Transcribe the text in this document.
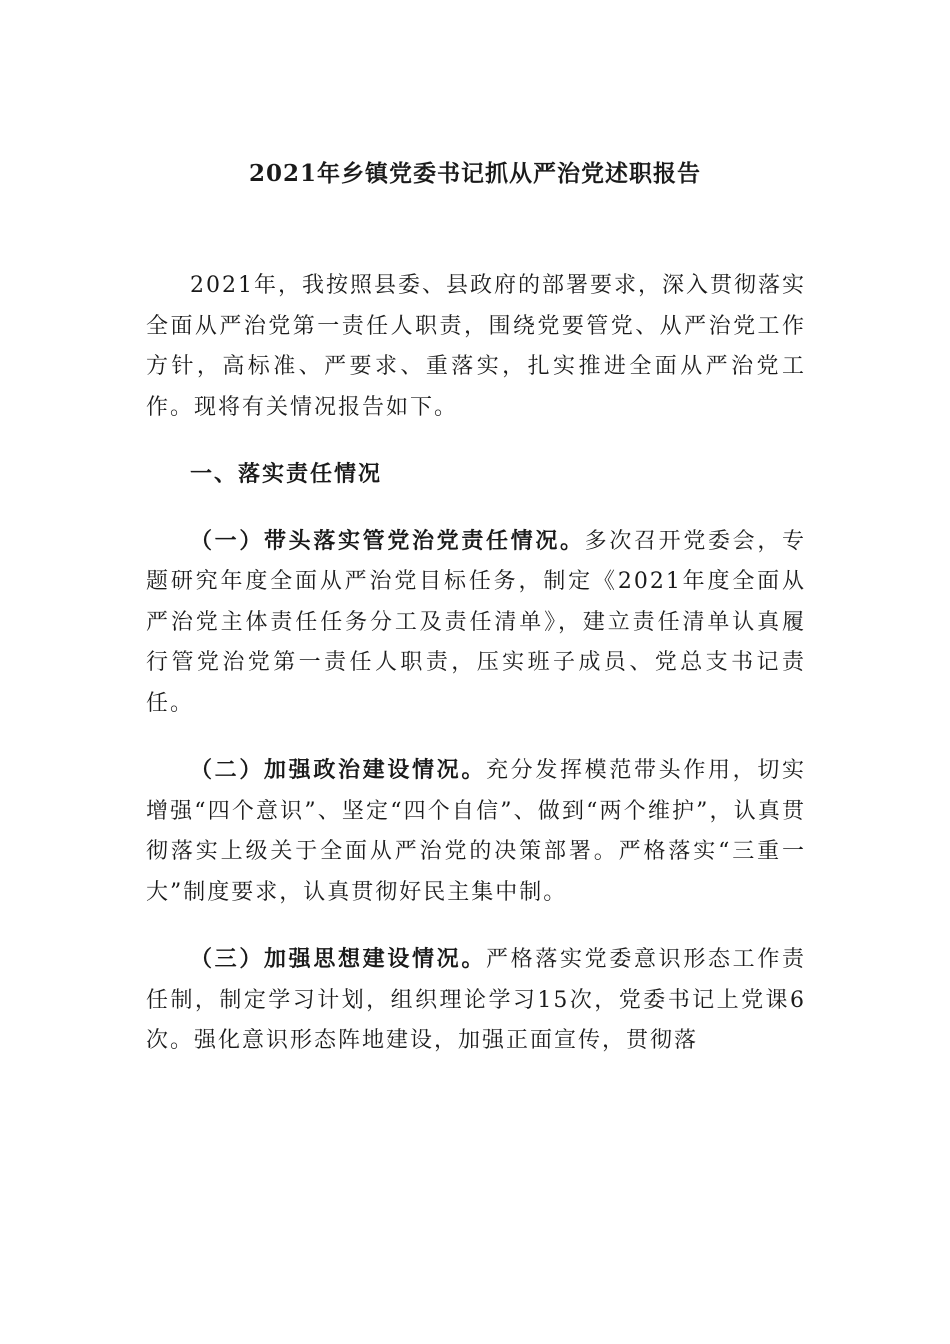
2021年乡镇党委书记抓从严治党述职报告

2021年，我按照县委、县政府的部署要求，深入贯彻落实全面从严治党第一责任人职责，围绕党要管党、从严治党工作方针，高标准、严要求、重落实，扎实推进全面从严治党工作。现将有关情况报告如下。

一、落实责任情况

（一）带头落实管党治党责任情况。多次召开党委会，专题研究年度全面从严治党目标任务，制定《2021年度全面从严治党主体责任任务分工及责任清单》，建立责任清单认真履行管党治党第一责任人职责，压实班子成员、党总支书记责任。

（二）加强政治建设情况。充分发挥模范带头作用，切实增强“四个意识”、坚定“四个自信”、做到“两个维护”，认真贯彻落实上级关于全面从严治党的决策部署。严格落实“三重一大”制度要求，认真贯彻好民主集中制。

（三）加强思想建设情况。严格落实党委意识形态工作责任制，制定学习计划，组织理论学习15次，党委书记上党课6次。强化意识形态阵地建设，加强正面宣传，贯彻落
